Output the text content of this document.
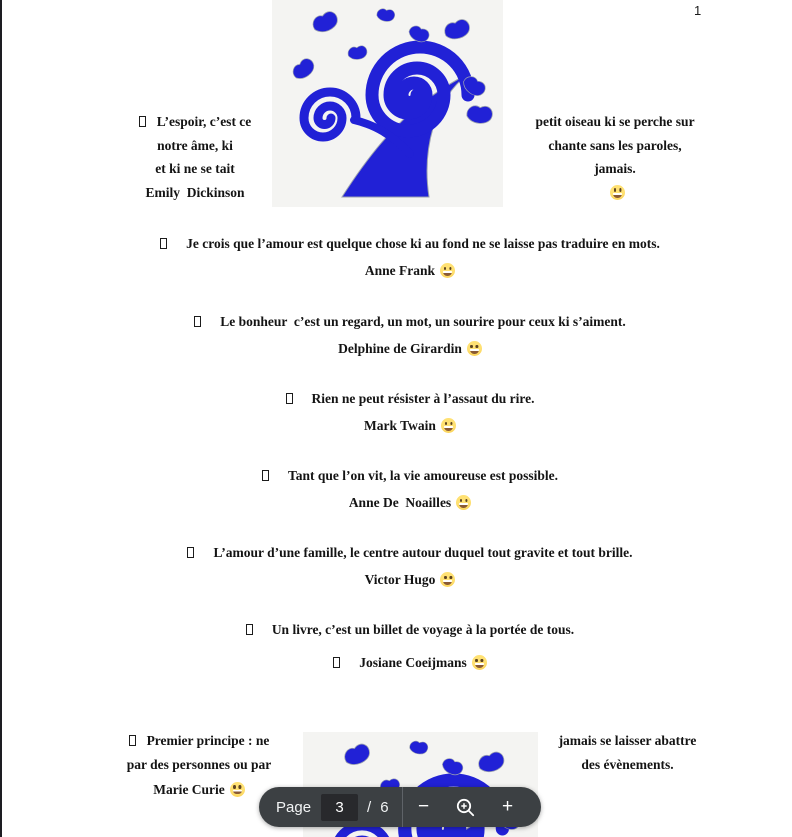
1
L’espoir, c’est ce
notre âme, ki
et ki ne se tait
Emily  Dickinson
petit oiseau ki se perche sur
chante sans les paroles,
jamais.
Je crois que l’amour est quelque chose ki au fond ne se laisse pas traduire en mots.
Anne Frank
Le bonheur  c’est un regard, un mot, un sourire pour ceux ki s’aiment.
Delphine de Girardin
Rien ne peut résister à l’assaut du rire.
Mark Twain
Tant que l’on vit, la vie amoureuse est possible.
Anne De  Noailles
L’amour d’une famille, le centre autour duquel tout gravite et tout brille.
Victor Hugo
Un livre, c’est un billet de voyage à la portée de tous.
Josiane Coeijmans
Premier principe : ne
par des personnes ou par
Marie Curie
jamais se laisser abattre
des évènements.
Page
3	/ 6	−	+
